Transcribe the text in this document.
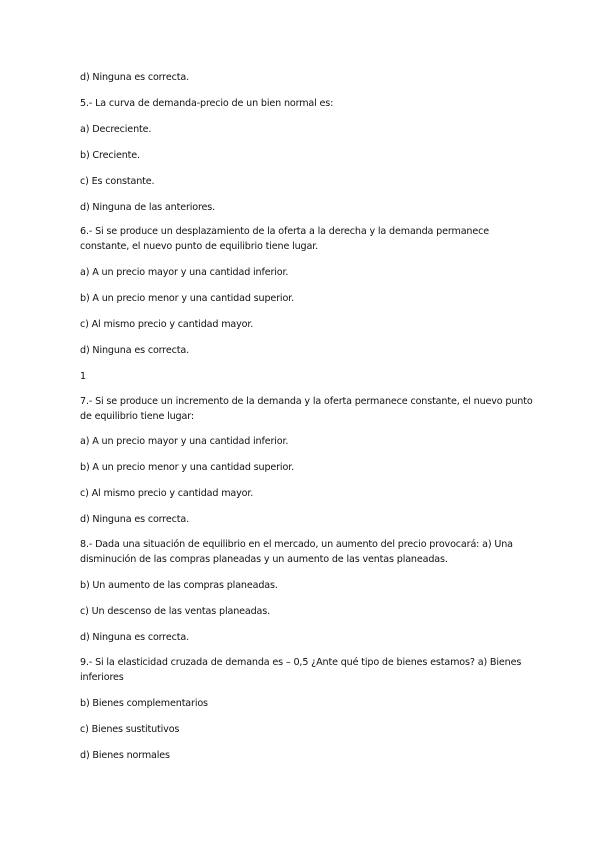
d) Ninguna es correcta.
5.- La curva de demanda-precio de un bien normal es:
a) Decreciente.
b) Creciente.
c) Es constante.
d) Ninguna de las anteriores.
6.- Si se produce un desplazamiento de la oferta a la derecha y la demanda permanece
constante, el nuevo punto de equilibrio tiene lugar.
a) A un precio mayor y una cantidad inferior.
b) A un precio menor y una cantidad superior.
c) Al mismo precio y cantidad mayor.
d) Ninguna es correcta.
1
7.- Si se produce un incremento de la demanda y la oferta permanece constante, el nuevo punto
de equilibrio tiene lugar:
a) A un precio mayor y una cantidad inferior.
b) A un precio menor y una cantidad superior.
c) Al mismo precio y cantidad mayor.
d) Ninguna es correcta.
8.- Dada una situación de equilibrio en el mercado, un aumento del precio provocará: a) Una
disminución de las compras planeadas y un aumento de las ventas planeadas.
b) Un aumento de las compras planeadas.
c) Un descenso de las ventas planeadas.
d) Ninguna es correcta.
9.- Si la elasticidad cruzada de demanda es – 0,5 ¿Ante qué tipo de bienes estamos? a) Bienes
inferiores
b) Bienes complementarios
c) Bienes sustitutivos
d) Bienes normales
